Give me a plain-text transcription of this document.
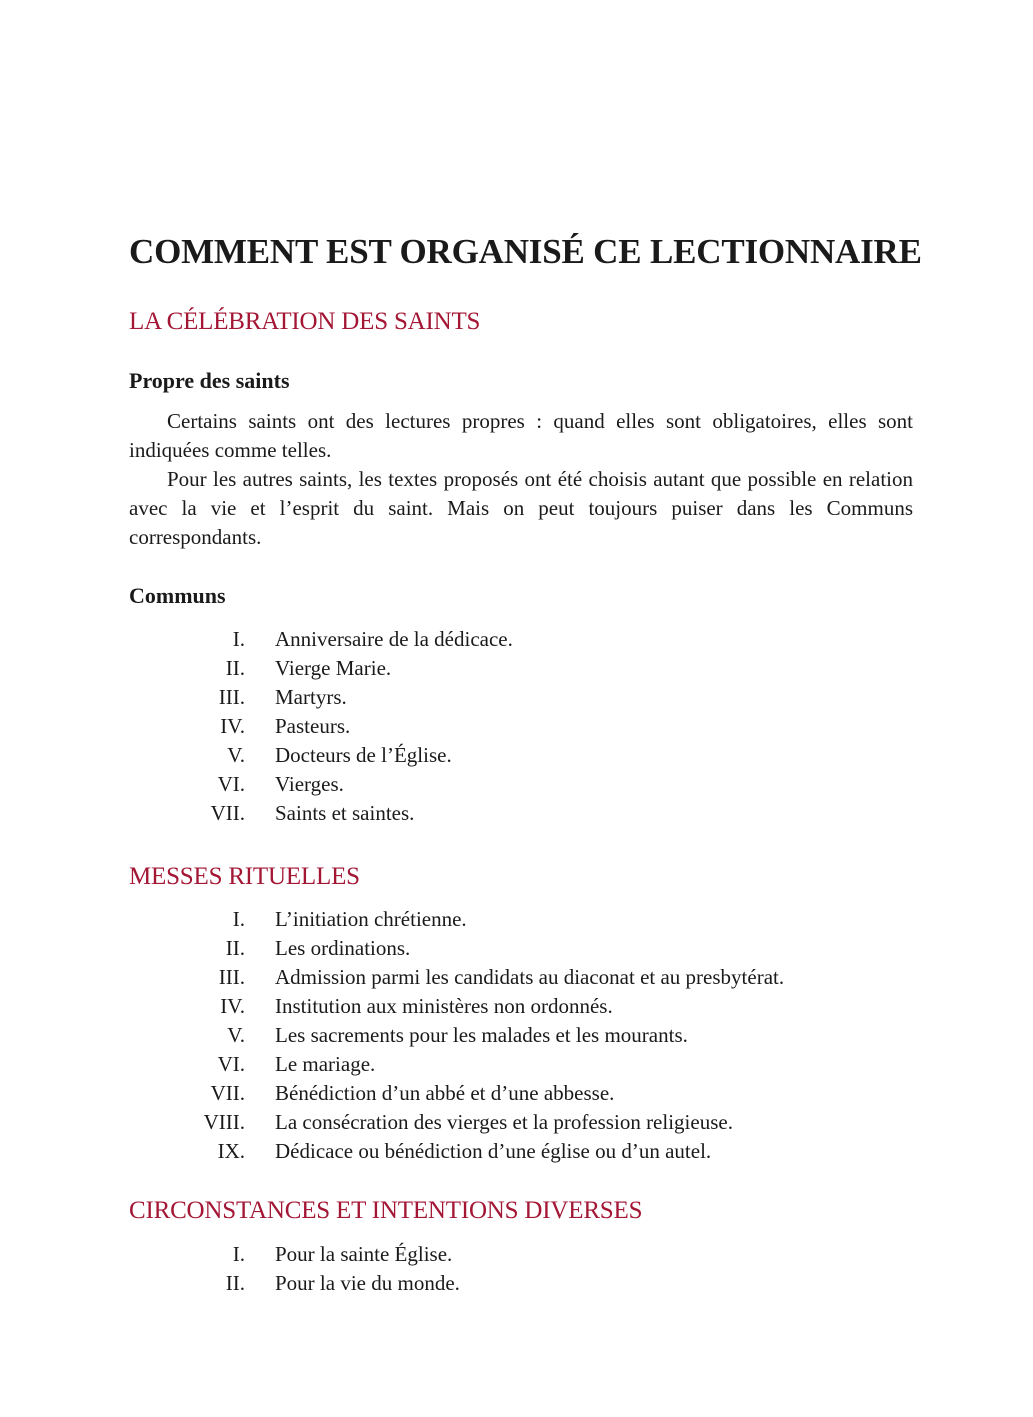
COMMENT EST ORGANISÉ CE LECTIONNAIRE
LA CÉLÉBRATION DES SAINTS
Propre des saints

Certains saints ont des lectures propres : quand elles sont obligatoires, elles sont indiquées comme telles.

Pour les autres saints, les textes proposés ont été choisis autant que possible en relation avec la vie et l’esprit du saint. Mais on peut toujours puiser dans les Communs correspondants.

Communs
I. Anniversaire de la dédicace.
II. Vierge Marie.
III. Martyrs.
IV. Pasteurs.
V. Docteurs de l’Église.
VI. Vierges.
VII. Saints et saintes.
MESSES RITUELLES
I. L’initiation chrétienne.
II. Les ordinations.
III. Admission parmi les candidats au diaconat et au presbytérat.
IV. Institution aux ministères non ordonnés.
V. Les sacrements pour les malades et les mourants.
VI. Le mariage.
VII. Bénédiction d’un abbé et d’une abbesse.
VIII. La consécration des vierges et la profession religieuse.
IX. Dédicace ou bénédiction d’une église ou d’un autel.
CIRCONSTANCES ET INTENTIONS DIVERSES
I. Pour la sainte Église.
II. Pour la vie du monde.
